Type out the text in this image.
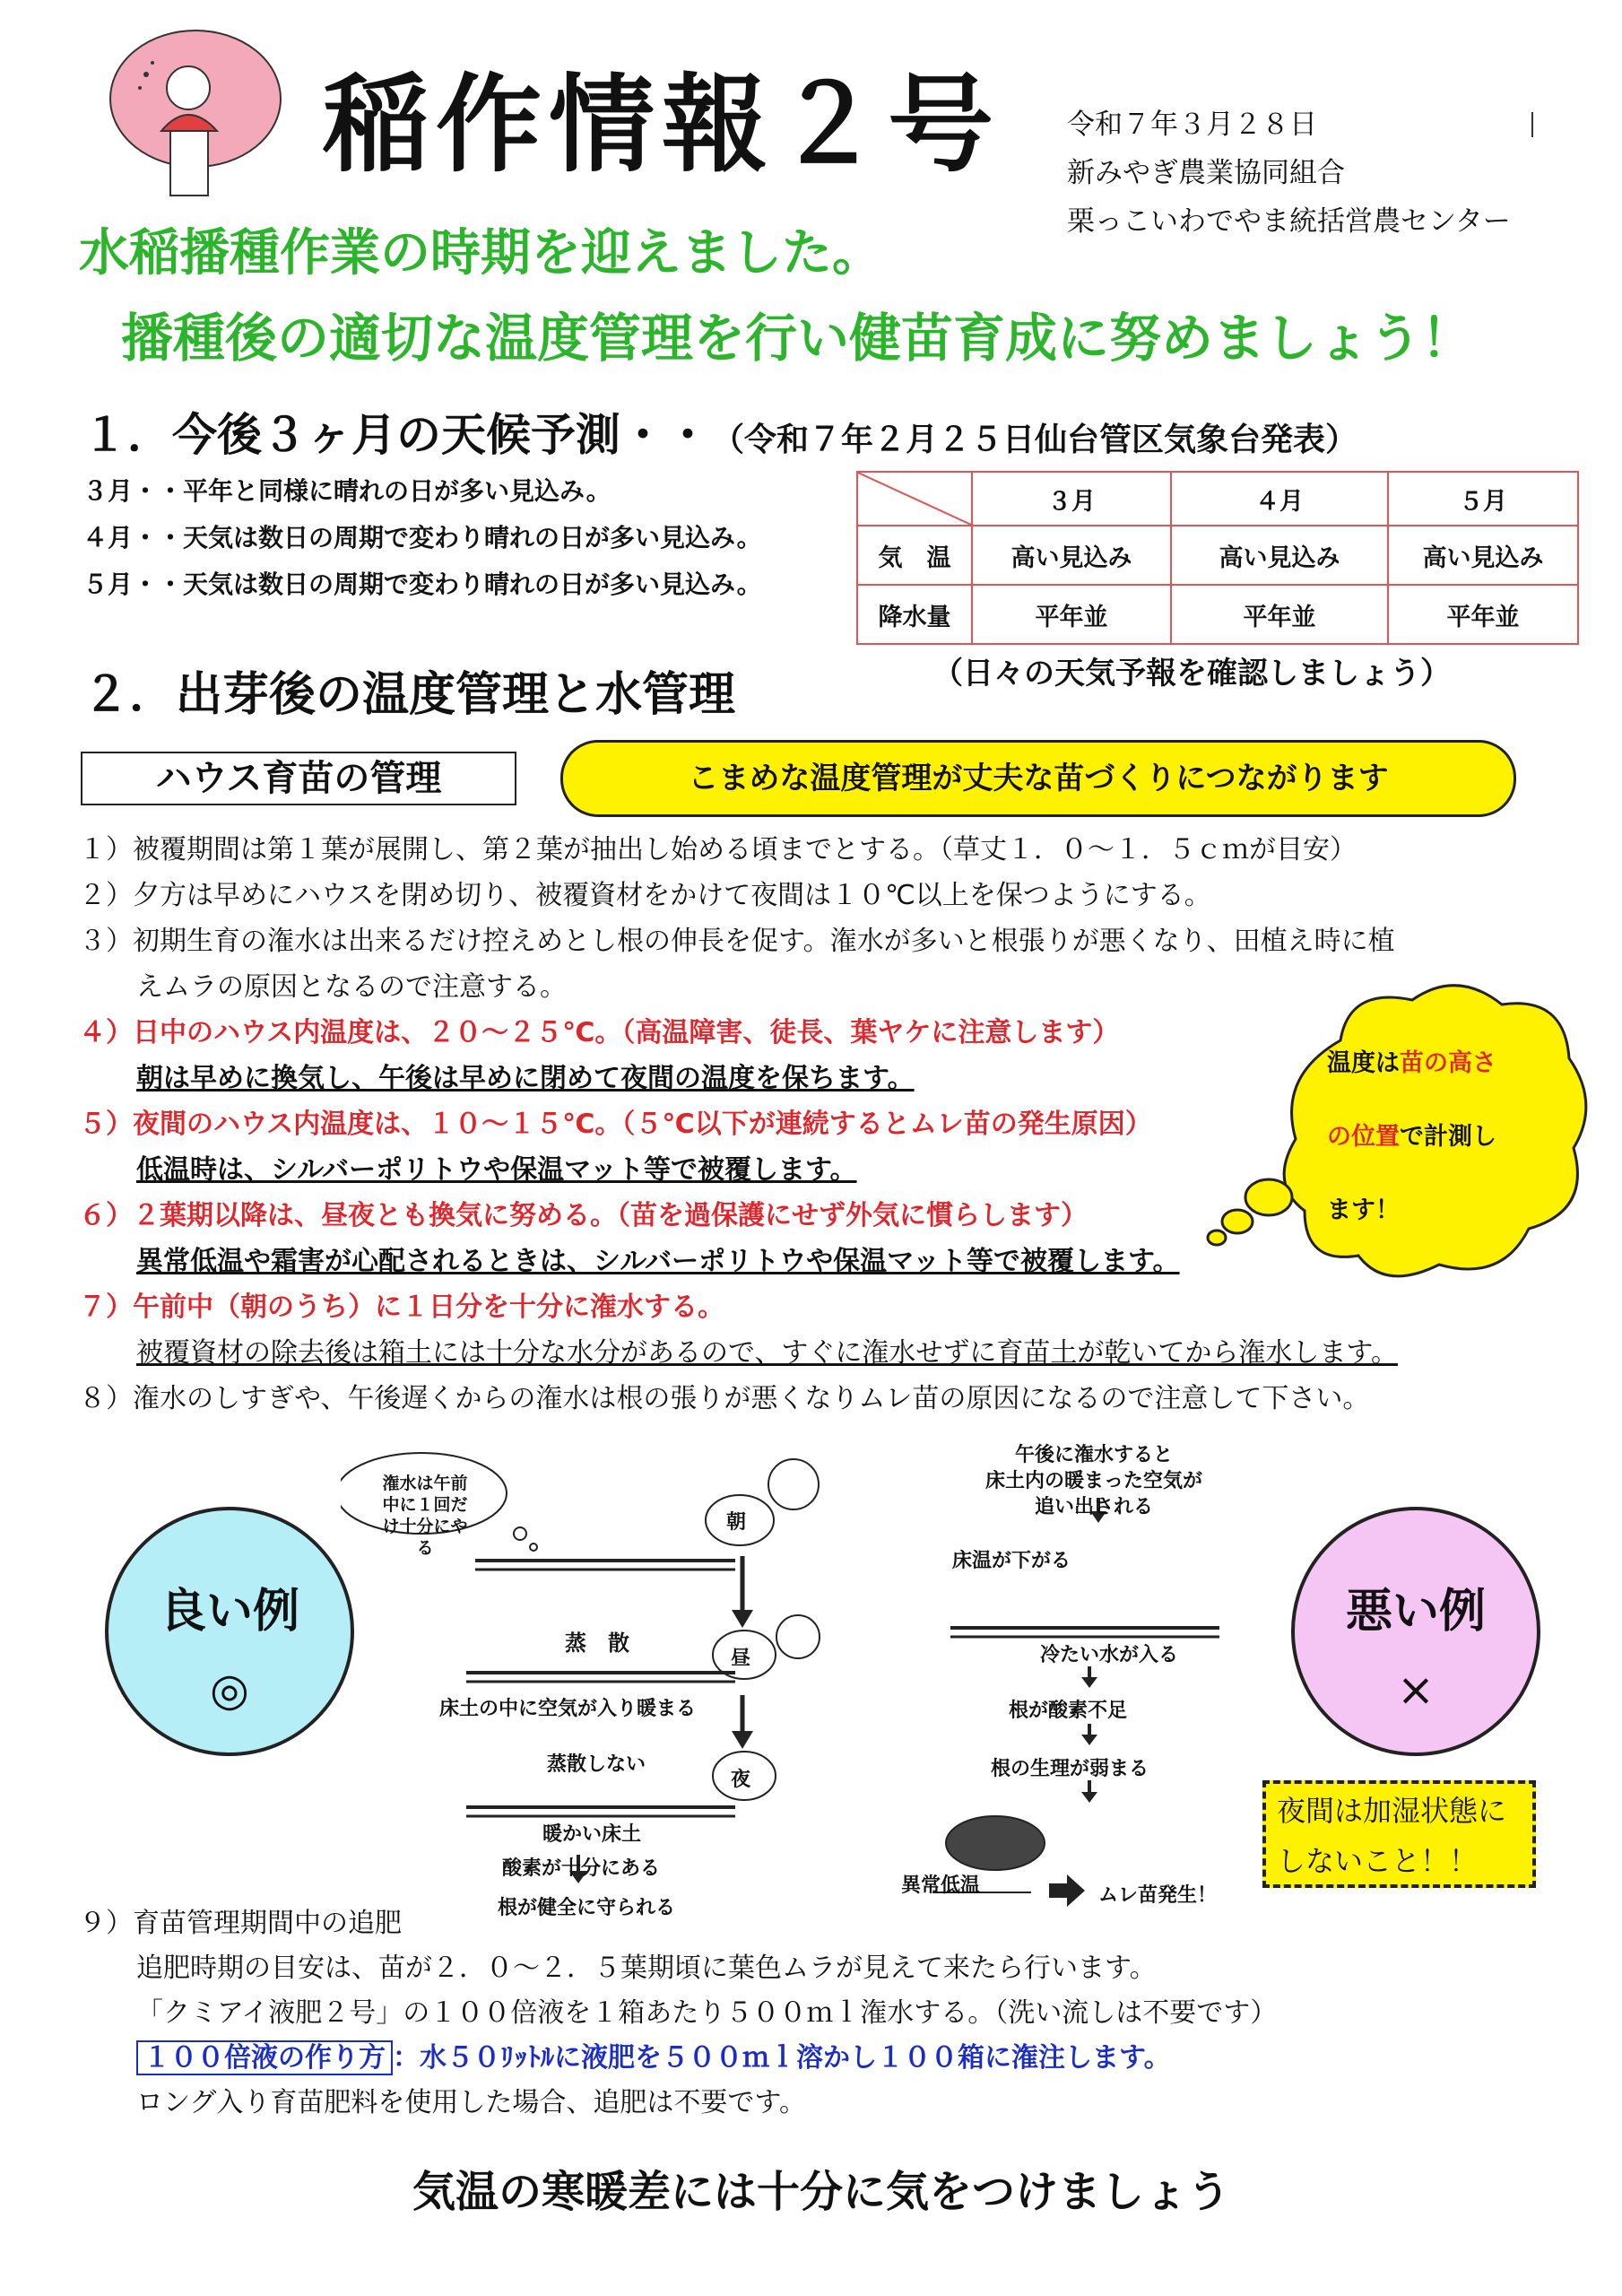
稲作情報２号 令和７年３月２８日
新みやぎ農業協同組合
栗っこいわでやま統括営農センター
水稲播種作業の時期を迎えました。
播種後の適切な温度管理を行い健苗育成に努めましょう！
１．今後３ヶ月の天候予測・・ （令和７年２月２５日仙台管区気象台発表）
３月・・平年と同様に晴れの日が多い見込み。
４月・・天気は数日の周期で変わり晴れの日が多い見込み。
５月・・天気は数日の周期で変わり晴れの日が多い見込み。
	３月	４月	５月
気　温	高い見込み	高い見込み	高い見込み
降水量	平年並	平年並	平年並
（日々の天気予報を確認しましょう）
２．出芽後の温度管理と水管理
ハウス育苗の管理	こまめな温度管理が丈夫な苗づくりにつながります
１）被覆期間は第１葉が展開し、第２葉が抽出し始める頃までとする。（草丈１．０～１．５ｃｍが目安）
２）夕方は早めにハウスを閉め切り、被覆資材をかけて夜間は１０℃以上を保つようにする。
３）初期生育の潅水は出来るだけ控えめとし根の伸長を促す。潅水が多いと根張りが悪くなり、田植え時に植
えムラの原因となるので注意する。
４）日中のハウス内温度は、２０～２５℃。（高温障害、徒長、葉ヤケに注意します）
朝は早めに換気し、午後は早めに閉めて夜間の温度を保ちます。
５）夜間のハウス内温度は、１０～１５℃。（５℃以下が連続するとムレ苗の発生原因）
低温時は、シルバーポリトウや保温マット等で被覆します。
６）２葉期以降は、昼夜とも換気に努める。（苗を過保護にせず外気に慣らします）
異常低温や霜害が心配されるときは、シルバーポリトウや保温マット等で被覆します。
７）午前中（朝のうち）に１日分を十分に潅水する。
被覆資材の除去後は箱土には十分な水分があるので、すぐに潅水せずに育苗土が乾いてから潅水します。
８）潅水のしすぎや、午後遅くからの潅水は根の張りが悪くなりムレ苗の原因になるので注意して下さい。
温度は苗の高さ
の位置で計測し
ます！
良い例
◎
潅水は午前中に１回だけ十分にやる
朝
昼
夜
蒸　散
床土の中に空気が入り暖まる
蒸散しない
暖かい床土
酸素が十分にある
根が健全に守られる
午後に潅水すると
床土内の暖まった空気が
追い出される
床温が下がる
冷たい水が入る
根が酸素不足
根の生理が弱まる
異常低温	ムレ苗発生！
悪い例
×
夜間は加湿状態にしないこと！！
９）育苗管理期間中の追肥
追肥時期の目安は、苗が２．０～２．５葉期頃に葉色ムラが見えて来たら行います。
「クミアイ液肥２号」の１００倍液を１箱あたり５００ｍｌ潅水する。（洗い流しは不要です）
１００倍液の作り方 ：水５０ﾘｯﾄﾙに液肥を５００ｍｌ溶かし１００箱に潅注します。
ロング入り育苗肥料を使用した場合、追肥は不要です。
気温の寒暖差には十分に気をつけましょう
